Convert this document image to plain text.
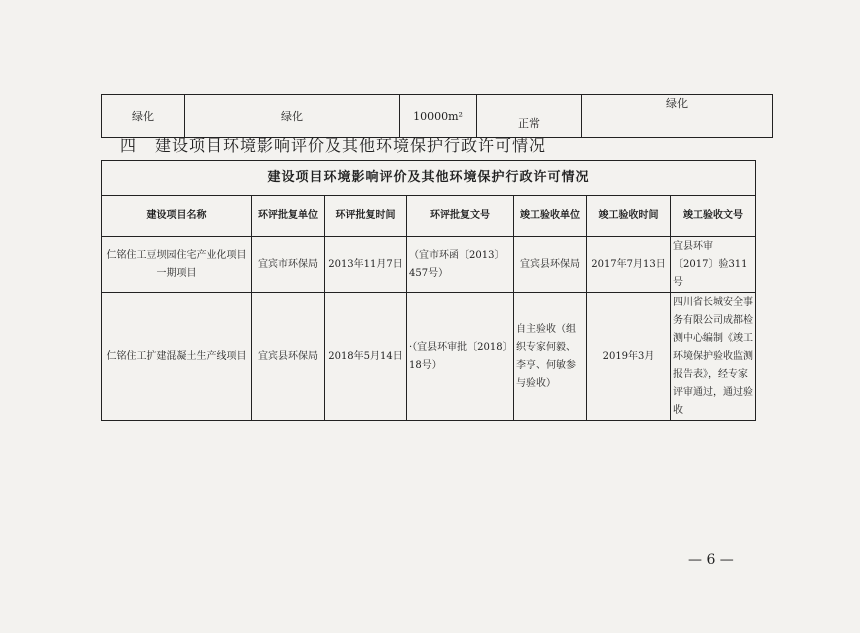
绿化	绿化	10000m²	正常	绿化
四 建设项目环境影响评价及其他环境保护行政许可情况
建设项目环境影响评价及其他环境保护行政许可情况						
建设项目名称	环评批复单位	环评批复时间	环评批复文号	竣工验收单位	竣工验收时间	竣工验收文号

仁铭住工豆坝园住宅产业化项目
一期项目	宜宾市环保局	2013年11月7日	（宜市环函〔2013〕457号）	宜宾县环保局	2017年7月13日	宜县环审〔2017〕验311号
仁铭住工扩建混凝土生产线项目	宜宾县环保局	2018年5月14日	·（宜县环审批〔2018〕18号）	自主验收（组织专家何毅、李亨、何敏参与验收）	2019年3月	四川省长城安全事务有限公司成都检测中心编制《竣工环境保护验收监测报告表》，经专家评审通过，通过验收
— 6 —
